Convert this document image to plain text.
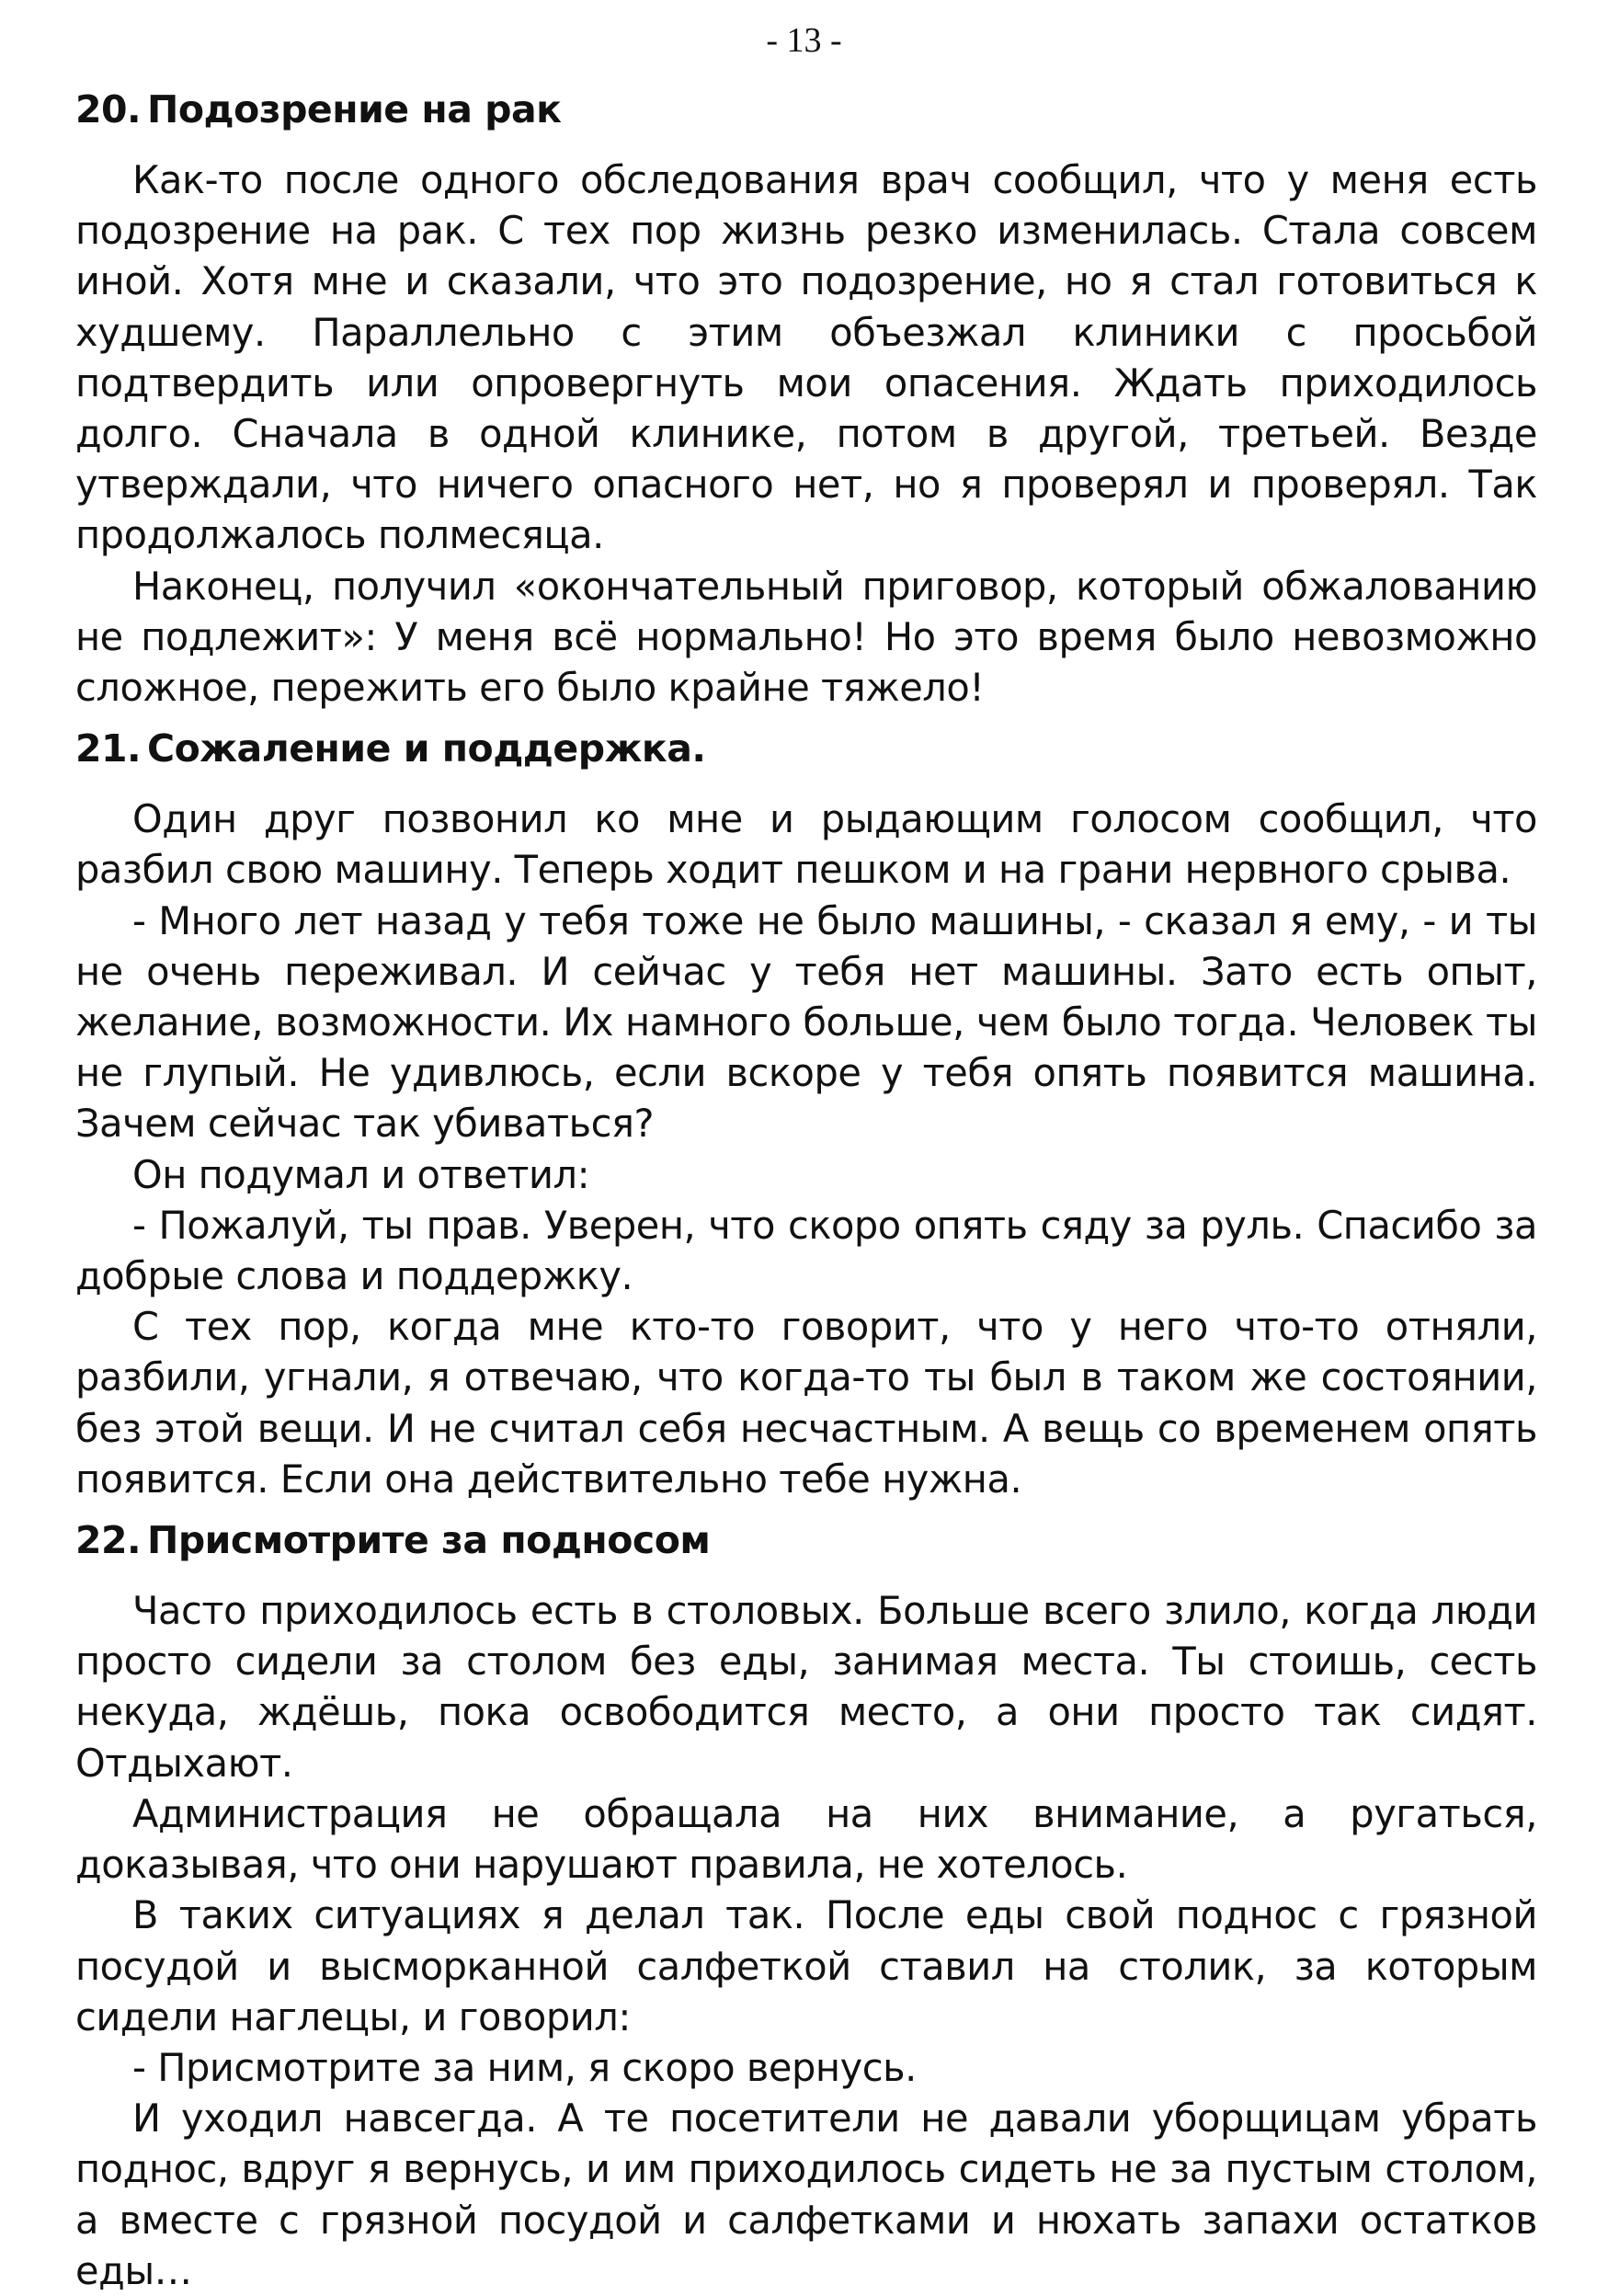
- 13 -
20. Подозрение на рак

Как-то после одного обследования врач сообщил, что у меня есть подозрение на рак. С тех пор жизнь резко изменилась. Стала совсем иной. Хотя мне и сказали, что это подозрение, но я стал готовиться к худшему. Параллельно с этим объезжал клиники с просьбой подтвердить или опровергнуть мои опасения. Ждать приходилось долго. Сначала в одной клинике, потом в другой, третьей. Везде утверждали, что ничего опасного нет, но я проверял и проверял. Так продолжалось полмесяца.

Наконец, получил «окончательный приговор, который обжалованию не подлежит»: У меня всё нормально! Но это время было невозможно сложное, пережить его было крайне тяжело!

21. Сожаление и поддержка.

Один друг позвонил ко мне и рыдающим голосом сообщил, что разбил свою машину. Теперь ходит пешком и на грани нервного срыва.

- Много лет назад у тебя тоже не было машины, - сказал я ему, - и ты не очень переживал. И сейчас у тебя нет машины. Зато есть опыт, желание, возможности. Их намного больше, чем было тогда. Человек ты не глупый. Не удивлюсь, если вскоре у тебя опять появится машина. Зачем сейчас так убиваться?

Он подумал и ответил:

- Пожалуй, ты прав. Уверен, что скоро опять сяду за руль. Спасибо за добрые слова и поддержку.

С тех пор, когда мне кто-то говорит, что у него что-то отняли, разбили, угнали, я отвечаю, что когда-то ты был в таком же состоянии, без этой вещи. И не считал себя несчастным. А вещь со временем опять появится. Если она действительно тебе нужна.

22. Присмотрите за подносом

Часто приходилось есть в столовых. Больше всего злило, когда люди просто сидели за столом без еды, занимая места. Ты стоишь, сесть некуда, ждёшь, пока освободится место, а они просто так сидят. Отдыхают.

Администрация не обращала на них внимание, а ругаться, доказывая, что они нарушают правила, не хотелось.

В таких ситуациях я делал так. После еды свой поднос с грязной посудой и высморканной салфеткой ставил на столик, за которым сидели наглецы, и говорил:

- Присмотрите за ним, я скоро вернусь.

И уходил навсегда. А те посетители не давали уборщицам убрать поднос, вдруг я вернусь, и им приходилось сидеть не за пустым столом, а вместе с грязной посудой и салфетками и нюхать запахи остатков еды…
